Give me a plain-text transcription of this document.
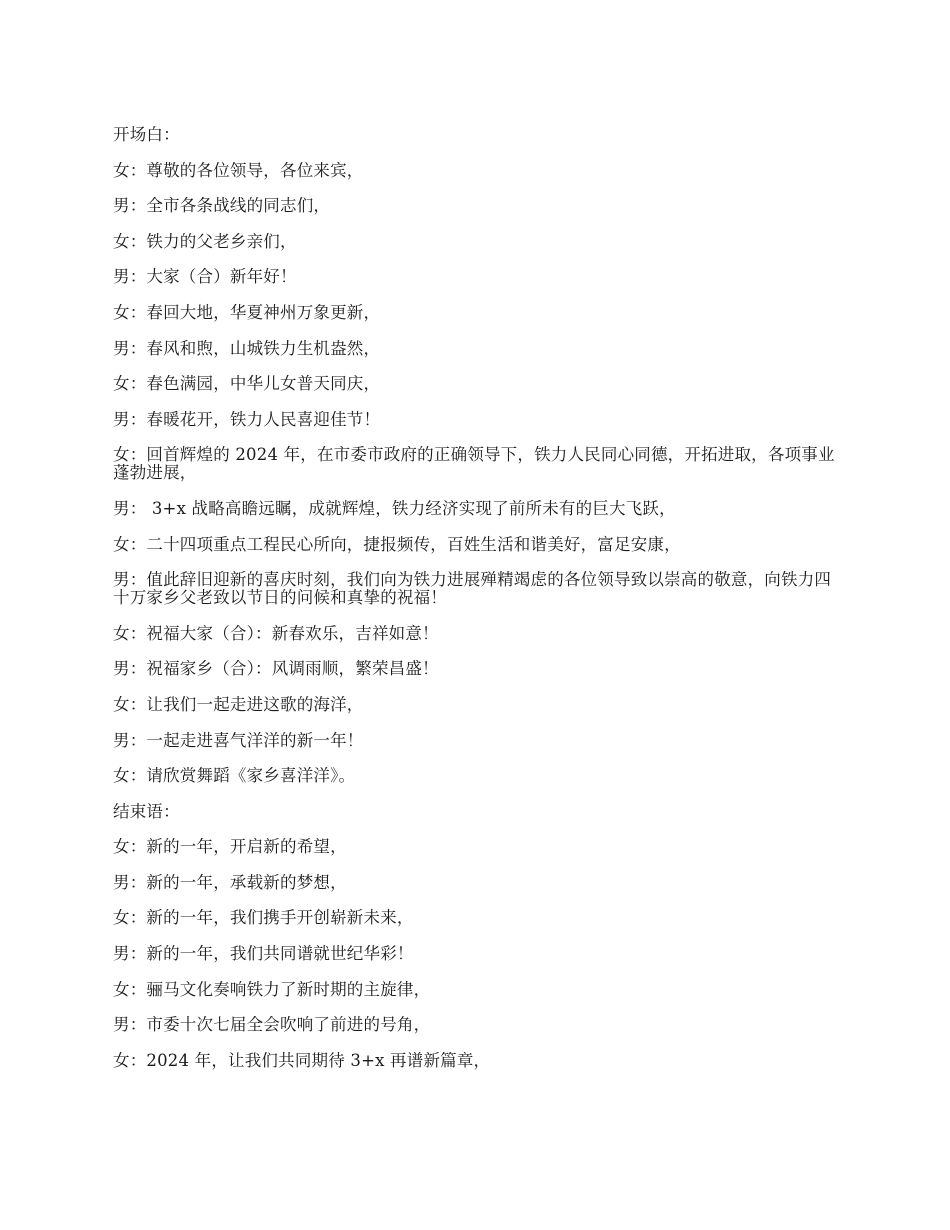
开场白：

女：尊敬的各位领导，各位来宾，

男：全市各条战线的同志们，

女：铁力的父老乡亲们，

男：大家（合）新年好！

女：春回大地，华夏神州万象更新，

男：春风和煦，山城铁力生机盎然，

女：春色满园，中华儿女普天同庆，

男：春暖花开，铁力人民喜迎佳节！

女：回首辉煌的 2024 年，在市委市政府的正确领导下，铁力人民同心同德，开拓进取，各项事业蓬勃进展，

男： 3+x 战略高瞻远瞩，成就辉煌，铁力经济实现了前所未有的巨大飞跃，

女：二十四项重点工程民心所向，捷报频传，百姓生活和谐美好，富足安康，

男：值此辞旧迎新的喜庆时刻，我们向为铁力进展殚精竭虑的各位领导致以崇高的敬意，向铁力四十万家乡父老致以节日的问候和真挚的祝福！

女：祝福大家（合）：新春欢乐，吉祥如意！

男：祝福家乡（合）：风调雨顺，繁荣昌盛！

女：让我们一起走进这歌的海洋，

男：一起走进喜气洋洋的新一年！

女：请欣赏舞蹈《家乡喜洋洋》。

结束语：

女：新的一年，开启新的希望，

男：新的一年，承载新的梦想，

女：新的一年，我们携手开创崭新未来，

男：新的一年，我们共同谱就世纪华彩！

女：骊马文化奏响铁力了新时期的主旋律，

男：市委十次七届全会吹响了前进的号角，

女：2024 年，让我们共同期待 3+x 再谱新篇章，
